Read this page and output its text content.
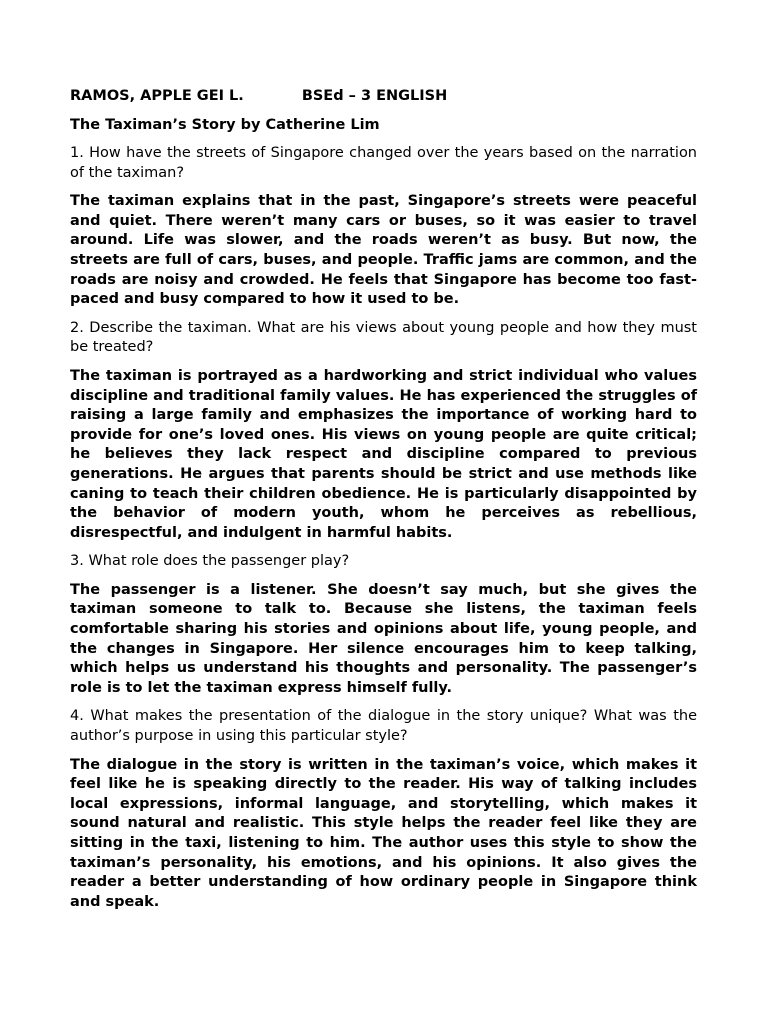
RAMOS, APPLE GEI L.	BSEd – 3 ENGLISH
The Taximan’s Story by Catherine Lim
1. How have the streets of Singapore changed over the years based on the narration of the taximan?
The taximan explains that in the past, Singapore’s streets were peaceful and quiet. There weren’t many cars or buses, so it was easier to travel around. Life was slower, and the roads weren’t as busy. But now, the streets are full of cars, buses, and people. Traffic jams are common, and the roads are noisy and crowded. He feels that Singapore has become too fast-paced and busy compared to how it used to be.
2. Describe the taximan. What are his views about young people and how they must be treated?
The taximan is portrayed as a hardworking and strict individual who values discipline and traditional family values. He has experienced the struggles of raising a large family and emphasizes the importance of working hard to provide for one’s loved ones. His views on young people are quite critical; he believes they lack respect and discipline compared to previous generations. He argues that parents should be strict and use methods like caning to teach their children obedience. He is particularly disappointed by the behavior of modern youth, whom he perceives as rebellious, disrespectful, and indulgent in harmful habits.
3. What role does the passenger play?
The passenger is a listener. She doesn’t say much, but she gives the taximan someone to talk to. Because she listens, the taximan feels comfortable sharing his stories and opinions about life, young people, and the changes in Singapore. Her silence encourages him to keep talking, which helps us understand his thoughts and personality. The passenger’s role is to let the taximan express himself fully.
4. What makes the presentation of the dialogue in the story unique? What was the author’s purpose in using this particular style?
The dialogue in the story is written in the taximan’s voice, which makes it feel like he is speaking directly to the reader. His way of talking includes local expressions, informal language, and storytelling, which makes it sound natural and realistic. This style helps the reader feel like they are sitting in the taxi, listening to him. The author uses this style to show the taximan’s personality, his emotions, and his opinions. It also gives the reader a better understanding of how ordinary people in Singapore think and speak.
